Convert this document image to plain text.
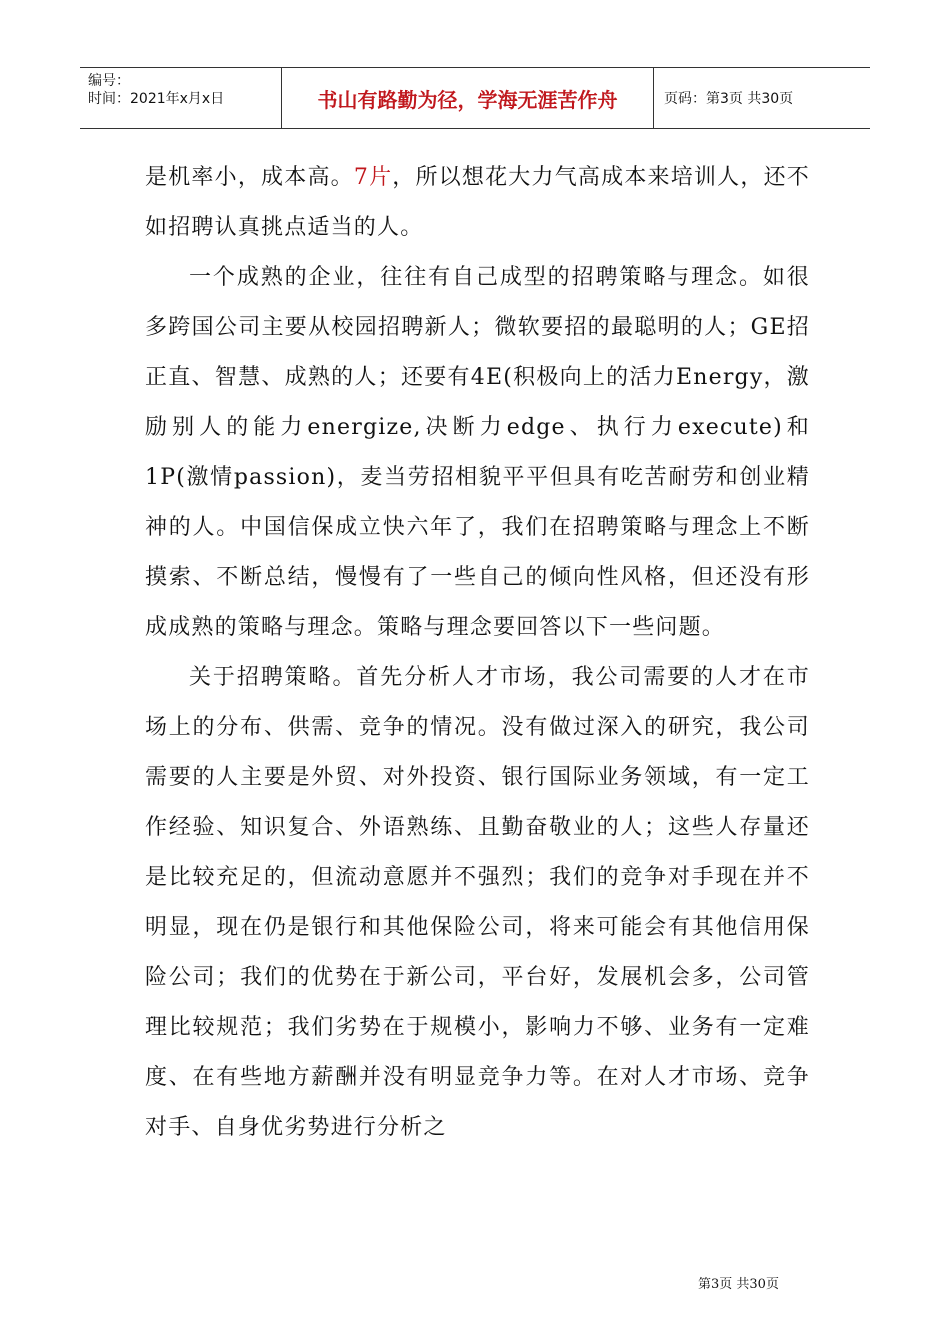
编号：
时间：2021年x月x日	书山有路勤为径，学海无涯苦作舟	页码：第3页 共30页

是机率小，成本高。7片，所以想花大力气高成本来培训人，还不如招聘认真挑点适当的人。

一个成熟的企业，往往有自己成型的招聘策略与理念。如很多跨国公司主要从校园招聘新人；微软要招的最聪明的人；GE招正直、智慧、成熟的人；还要有4E(积极向上的活力Energy，激励别人的能力energize,决断力edge、执行力execute)和1P(激情passion)，麦当劳招相貌平平但具有吃苦耐劳和创业精神的人。中国信保成立快六年了，我们在招聘策略与理念上不断摸索、不断总结，慢慢有了一些自己的倾向性风格，但还没有形成成熟的策略与理念。策略与理念要回答以下一些问题。

关于招聘策略。首先分析人才市场，我公司需要的人才在市场上的分布、供需、竞争的情况。没有做过深入的研究，我公司需要的人主要是外贸、对外投资、银行国际业务领域，有一定工作经验、知识复合、外语熟练、且勤奋敬业的人；这些人存量还是比较充足的，但流动意愿并不强烈；我们的竞争对手现在并不明显，现在仍是银行和其他保险公司，将来可能会有其他信用保险公司；我们的优势在于新公司，平台好，发展机会多，公司管理比较规范；我们劣势在于规模小，影响力不够、业务有一定难度、在有些地方薪酬并没有明显竞争力等。在对人才市场、竞争对手、自身优劣势进行分析之

第3页 共30页
